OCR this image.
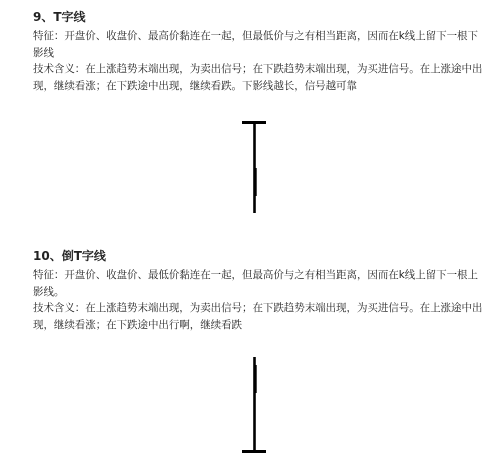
9、T字线

特征：开盘价、收盘价、最高价黏连在一起，但最低价与之有相当距离，因而在k线上留下一根下影线

技术含义：在上涨趋势末端出现，为卖出信号；在下跌趋势末端出现，为买进信号。在上涨途中出现，继续看涨；在下跌途中出现，继续看跌。下影线越长，信号越可靠

10、倒T字线

特征：开盘价、收盘价、最低价黏连在一起，但最高价与之有相当距离，因而在k线上留下一根上影线。

技术含义：在上涨趋势末端出现，为卖出信号；在下跌趋势末端出现，为买进信号。在上涨途中出现，继续看涨；在下跌途中出行啊，继续看跌
